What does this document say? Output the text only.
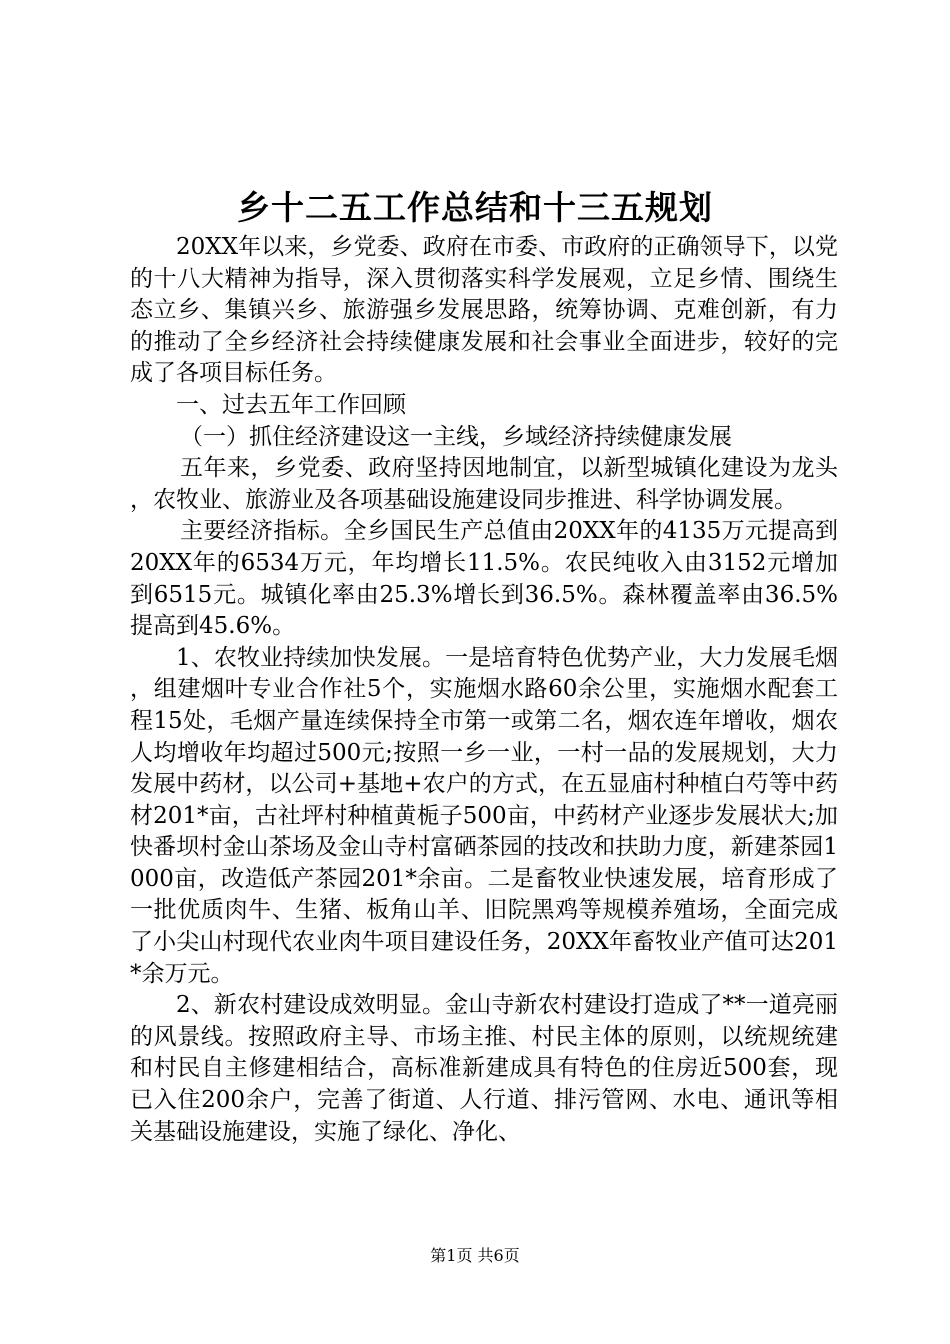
乡十二五工作总结和十三五规划

20XX年以来，乡党委、政府在市委、市政府的正确领导下，以党的十八大精神为指导，深入贯彻落实科学发展观，立足乡情、围绕生态立乡、集镇兴乡、旅游强乡发展思路，统筹协调、克难创新，有力的推动了全乡经济社会持续健康发展和社会事业全面进步，较好的完成了各项目标任务。

一、过去五年工作回顾

（一）抓住经济建设这一主线，乡域经济持续健康发展

五年来，乡党委、政府坚持因地制宜，以新型城镇化建设为龙头，农牧业、旅游业及各项基础设施建设同步推进、科学协调发展。

主要经济指标。全乡国民生产总值由20XX年的4135万元提高到20XX年的6534万元，年均增长11.5%。农民纯收入由3152元增加到6515元。城镇化率由25.3%增长到36.5%。森林覆盖率由36.5%提高到45.6%。

1、农牧业持续加快发展。一是培育特色优势产业，大力发展毛烟，组建烟叶专业合作社5个，实施烟水路60余公里，实施烟水配套工程15处，毛烟产量连续保持全市第一或第二名，烟农连年增收，烟农人均增收年均超过500元;按照一乡一业，一村一品的发展规划，大力发展中药材，以公司+基地+农户的方式，在五显庙村种植白芍等中药材201*亩，古社坪村种植黄栀子500亩，中药材产业逐步发展状大;加快番坝村金山茶场及金山寺村富硒茶园的技改和扶助力度，新建茶园1000亩，改造低产茶园201*余亩。二是畜牧业快速发展，培育形成了一批优质肉牛、生猪、板角山羊、旧院黑鸡等规模养殖场，全面完成了小尖山村现代农业肉牛项目建设任务，20XX年畜牧业产值可达201*余万元。

2、新农村建设成效明显。金山寺新农村建设打造成了**一道亮丽的风景线。按照政府主导、市场主推、村民主体的原则，以统规统建和村民自主修建相结合，高标准新建成具有特色的住房近500套，现已入住200余户，完善了街道、人行道、排污管网、水电、通讯等相关基础设施建设，实施了绿化、净化、

第1页 共6页
